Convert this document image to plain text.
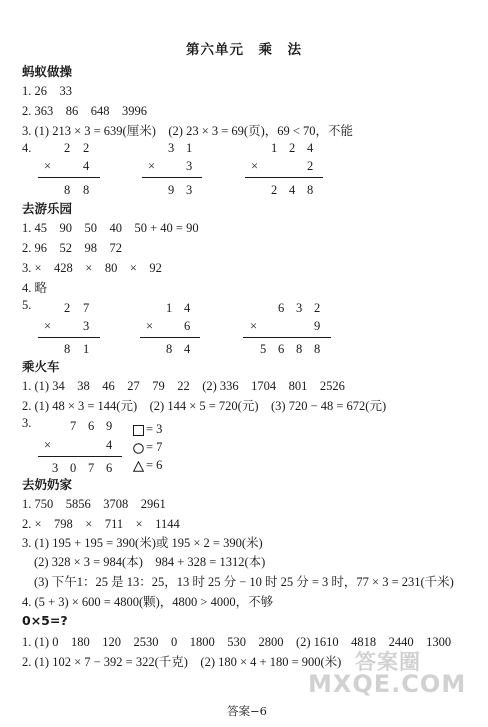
第六单元　乘　法
蚂蚁做操
1. 26　33
2. 363　86　648　3996
3. (1) 213 × 3 = 639(厘米)　(2) 23 × 3 = 69(页)，69 < 70，不能
4.	2 2
×	4
8 8
3 1
× 3
9 3
1 2 4
×	2
2 4 8
去游乐园
1. 45　90　50　40　50 + 40 = 90
2. 96　52　98　72
3. ×　428　×　80　×　92
4. 略
5.	2 7
×	3
8 1
1 4
× 6
8 4
6 3 2
×	9
5 6 8 8
乘火车
1. (1) 34　38　46　27　79　22　(2) 336　1704　801　2526
2. (1) 48 × 3 = 144(元)　(2) 144 × 5 = 720(元)　(3) 720 − 48 = 672(元)
3.	7 6 9
×	4
3 0 7 6
= 3
= 7
= 6
去奶奶家
1. 750　5856　3708　2961
2. ×　798　×　711　×　1144
3. (1) 195 + 195 = 390(米)或 195 × 2 = 390(米)
(2) 328 × 3 = 984(本)　984 + 328 = 1312(本)
(3) 下午1：25 是 13：25，13 时 25 分 − 10 时 25 分 = 3 时，77 × 3 = 231(千米)
4. (5 + 3) × 600 = 4800(颗)，4800 > 4000，不够
0×5=?
1. (1) 0　180　120　2530　0　1800　530　2800　(2) 1610　4818　2440　1300
2. (1) 102 × 7 − 392 = 322(千克)　(2) 180 × 4 + 180 = 900(米) 答案圈
MXQE.COM
答案−6
